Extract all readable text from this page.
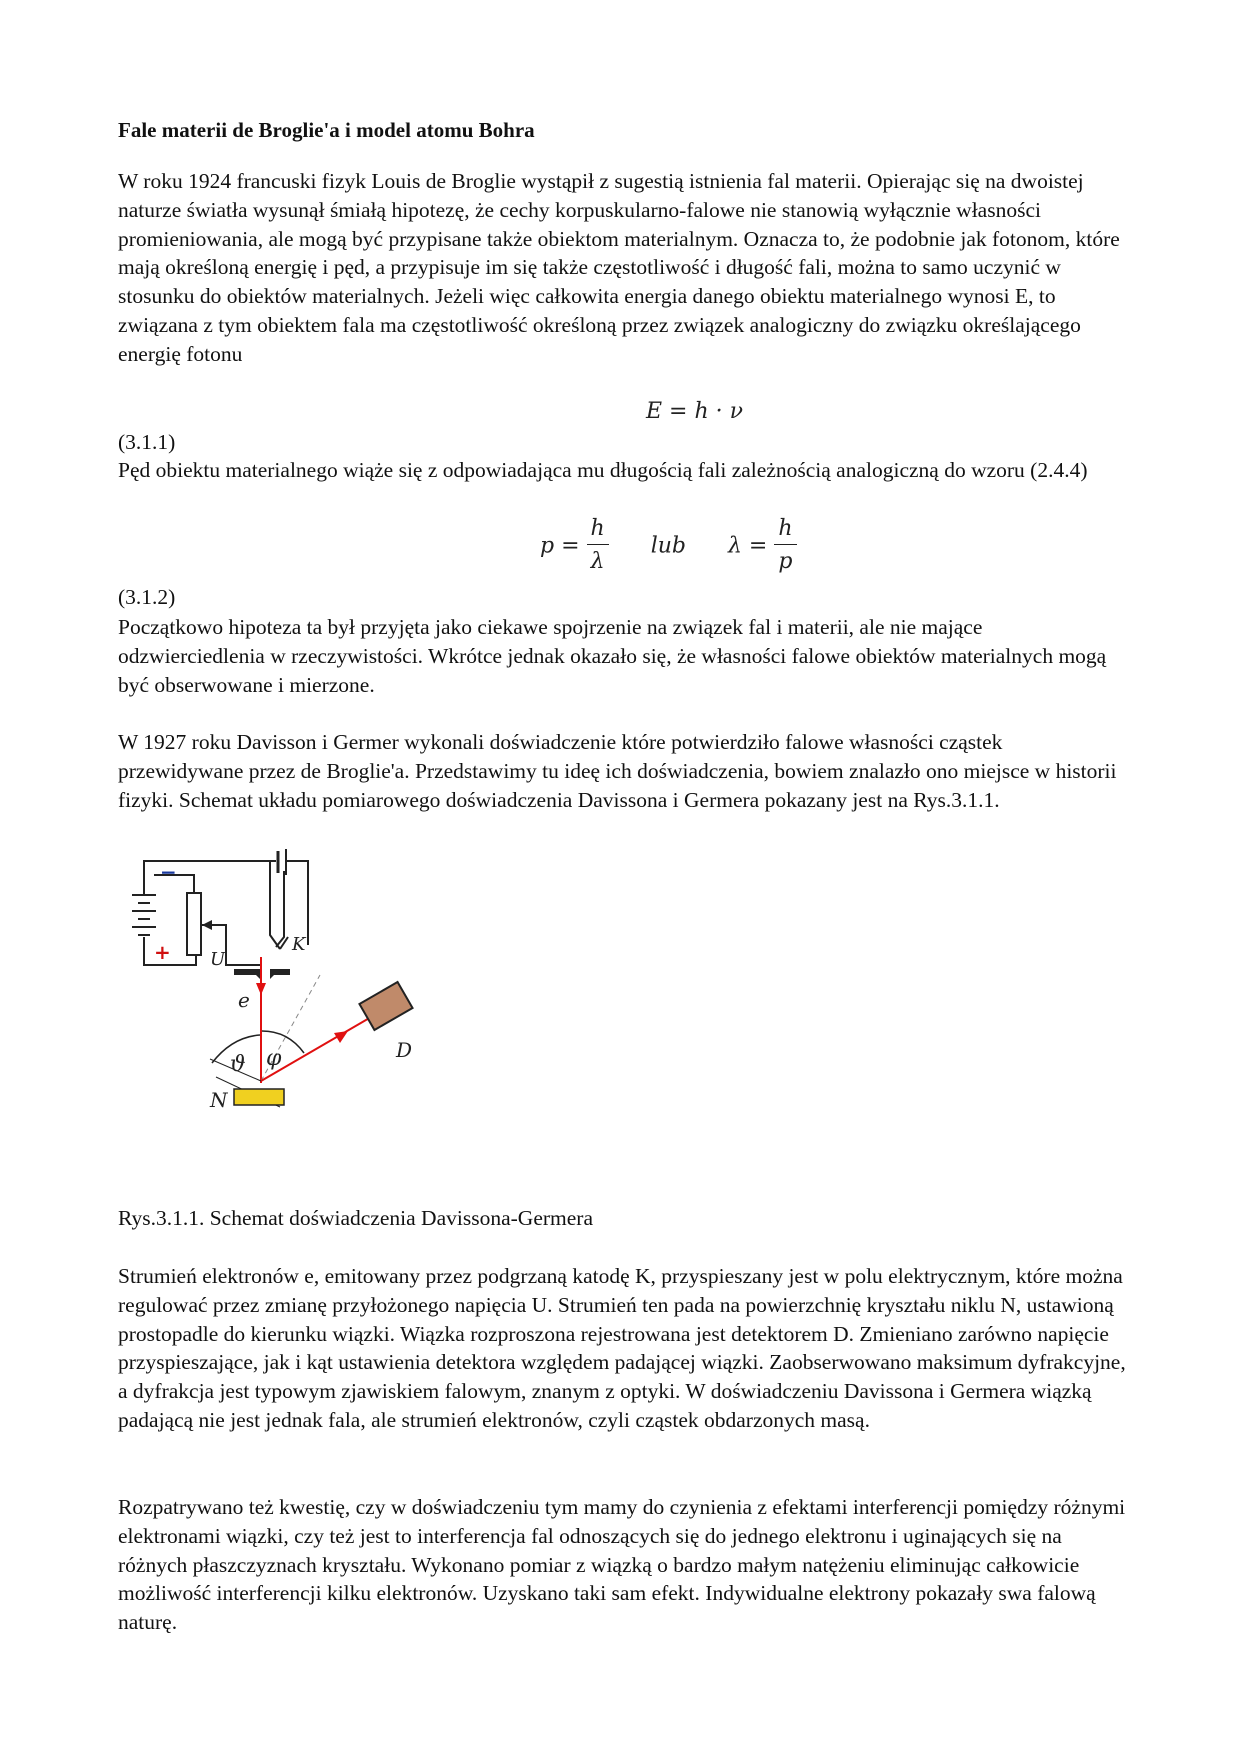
Fale materii de Broglie'a i model atomu Bohra

W roku 1924 francuski fizyk Louis de Broglie wystąpił z sugestią istnienia fal materii. Opierając się na dwoistej naturze światła wysunął śmiałą hipotezę, że cechy korpuskularno-falowe nie stanowią wyłącznie własności promieniowania, ale mogą być przypisane także obiektom materialnym. Oznacza to, że podobnie jak fotonom, które mają określoną energię i pęd, a przypisuje im się także częstotliwość i długość fali, można to samo uczynić w stosunku do obiektów materialnych. Jeżeli więc całkowita energia danego obiektu materialnego wynosi E, to związana z tym obiektem fala ma częstotliwość określoną przez związek analogiczny do związku określającego energię fotonu

E = h · ν
(3.1.1)

Pęd obiektu materialnego wiąże się z odpowiadająca mu długością fali zależnością analogiczną do wzoru (2.4.4)

$p = \frac{h}{\lambda}$ lub $\lambda = \frac{h}{p}$
(3.1.2)

Początkowo hipoteza ta był przyjęta jako ciekawe spojrzenie na związek fal i materii, ale nie mające odzwierciedlenia w rzeczywistości. Wkrótce jednak okazało się, że własności falowe obiektów materialnych mogą być obserwowane i mierzone.

W 1927 roku Davisson i Germer wykonali doświadczenie które potwierdziło falowe własności cząstek przewidywane przez de Broglie'a. Przedstawimy tu ideę ich doświadczenia, bowiem znalazło ono miejsce w historii fizyki. Schemat układu pomiarowego doświadczenia Davissona i Germera pokazany jest na Rys.3.1.1.

−
+	K
U
e
ϑ φ	D
N
Rys.3.1.1. Schemat doświadczenia Davissona-Germera

Strumień elektronów e, emitowany przez podgrzaną katodę K, przyspieszany jest w polu elektrycznym, które można regulować przez zmianę przyłożonego napięcia U. Strumień ten pada na powierzchnię kryształu niklu N, ustawioną prostopadle do kierunku wiązki. Wiązka rozproszona rejestrowana jest detektorem D. Zmieniano zarówno napięcie przyspieszające, jak i kąt ustawienia detektora względem padającej wiązki. Zaobserwowano maksimum dyfrakcyjne, a dyfrakcja jest typowym zjawiskiem falowym, znanym z optyki. W doświadczeniu Davissona i Germera wiązką padającą nie jest jednak fala, ale strumień elektronów, czyli cząstek obdarzonych masą.

Rozpatrywano też kwestię, czy w doświadczeniu tym mamy do czynienia z efektami interferencji pomiędzy różnymi elektronami wiązki, czy też jest to interferencja fal odnoszących się do jednego elektronu i uginających się na różnych płaszczyznach kryształu. Wykonano pomiar z wiązką o bardzo małym natężeniu eliminując całkowicie możliwość interferencji kilku elektronów. Uzyskano taki sam efekt. Indywidualne elektrony pokazały swa falową naturę.
